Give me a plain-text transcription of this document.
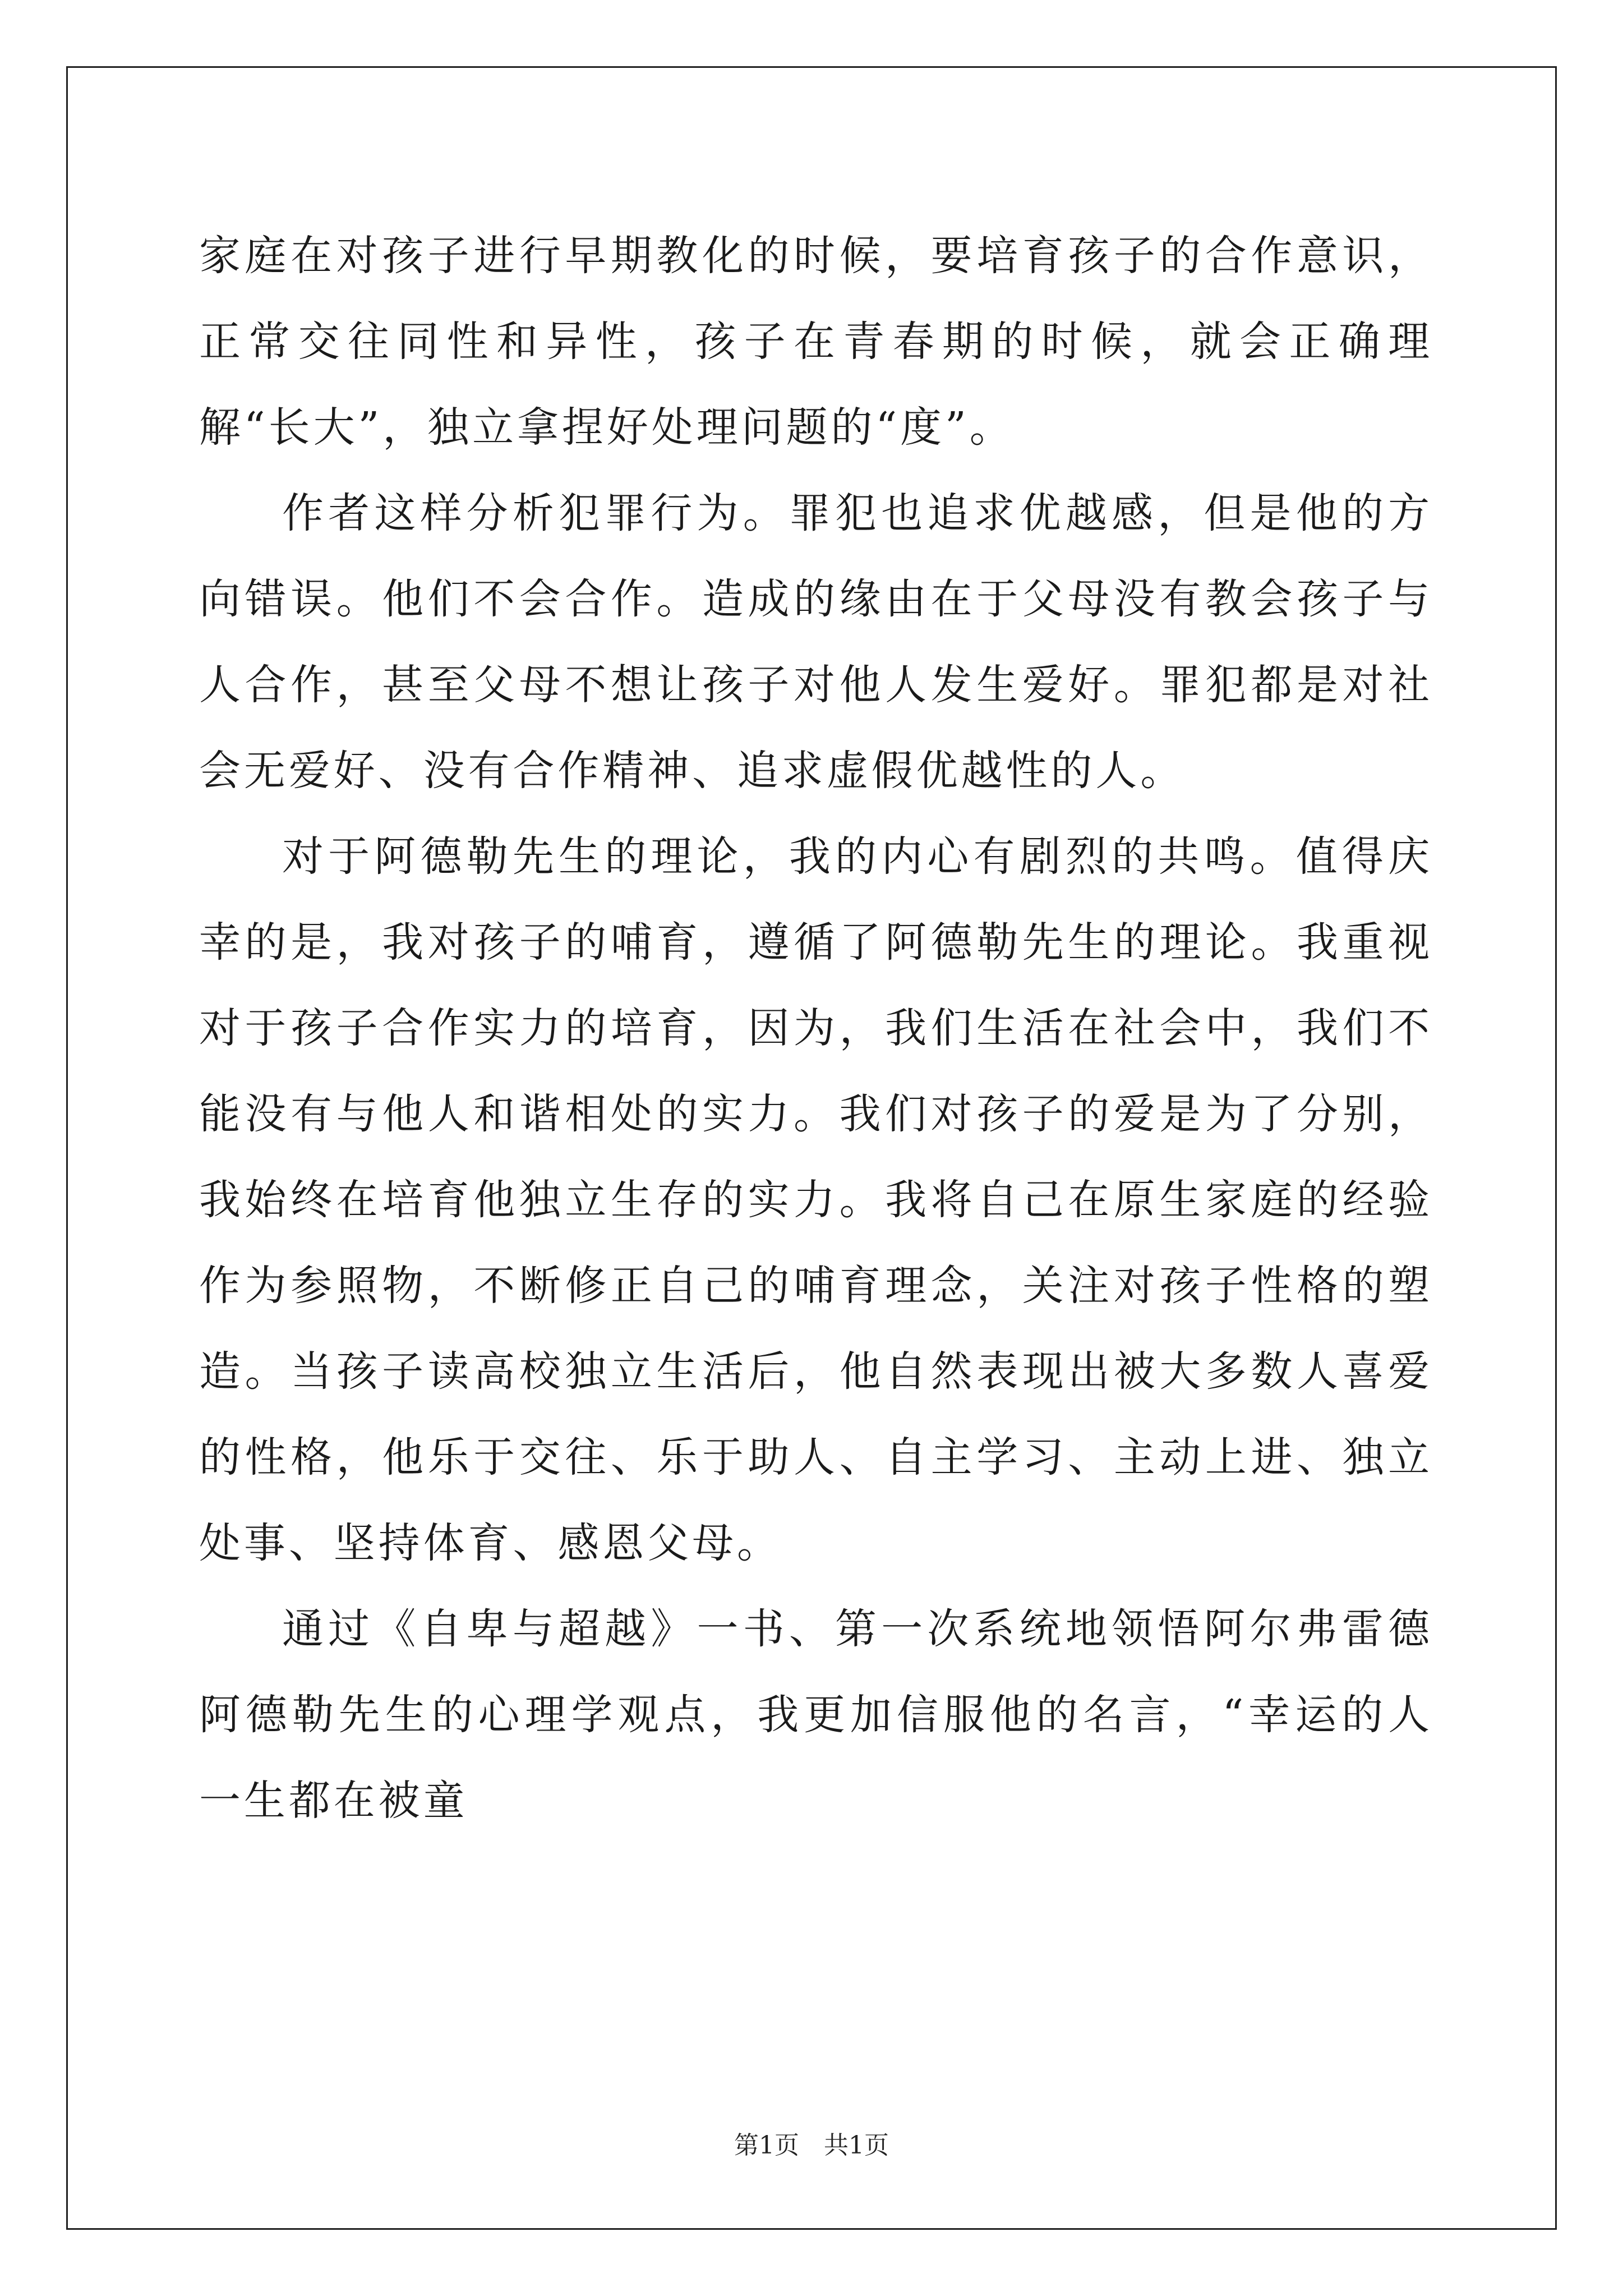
家庭在对孩子进行早期教化的时候，要培育孩子的合作意识，正常交往同性和异性，孩子在青春期的时候，就会正确理解“长大”，独立拿捏好处理问题的“度”。

作者这样分析犯罪行为。罪犯也追求优越感，但是他的方向错误。他们不会合作。造成的缘由在于父母没有教会孩子与人合作，甚至父母不想让孩子对他人发生爱好。罪犯都是对社会无爱好、没有合作精神、追求虚假优越性的人。

对于阿德勒先生的理论，我的内心有剧烈的共鸣。值得庆幸的是，我对孩子的哺育，遵循了阿德勒先生的理论。我重视对于孩子合作实力的培育，因为，我们生活在社会中，我们不能没有与他人和谐相处的实力。我们对孩子的爱是为了分别，我始终在培育他独立生存的实力。我将自己在原生家庭的经验作为参照物，不断修正自己的哺育理念，关注对孩子性格的塑造。当孩子读高校独立生活后，他自然表现出被大多数人喜爱的性格，他乐于交往、乐于助人、自主学习、主动上进、独立处事、坚持体育、感恩父母。

通过《自卑与超越》一书、第一次系统地领悟阿尔弗雷德阿德勒先生的心理学观点，我更加信服他的名言，“幸运的人一生都在被童

第1页　共1页
